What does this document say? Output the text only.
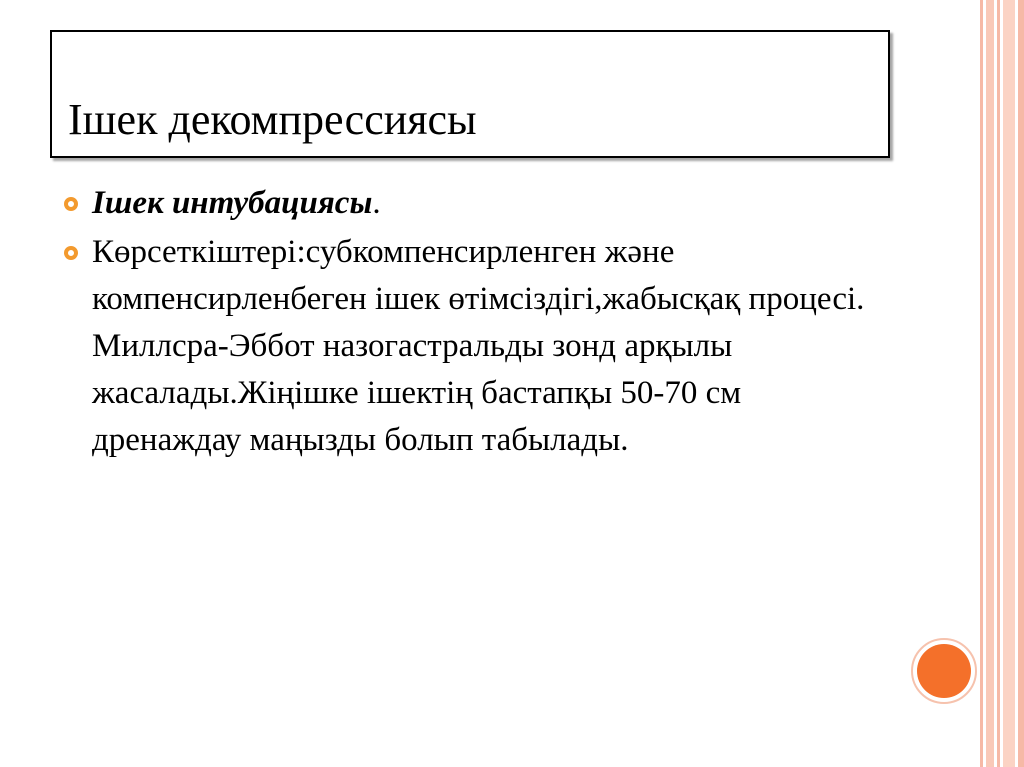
Ішек декомпрессиясы
Ішек интубациясы.
Көрсеткіштері:субкомпенсирленген және компенсирленбеген ішек өтімсіздігі,жабысқақ процесі. Миллсра-Эббот назогастральды зонд арқылы жасалады.Жіңішке ішектің бастапқы 50-70 см дренаждау маңызды болып табылады.
